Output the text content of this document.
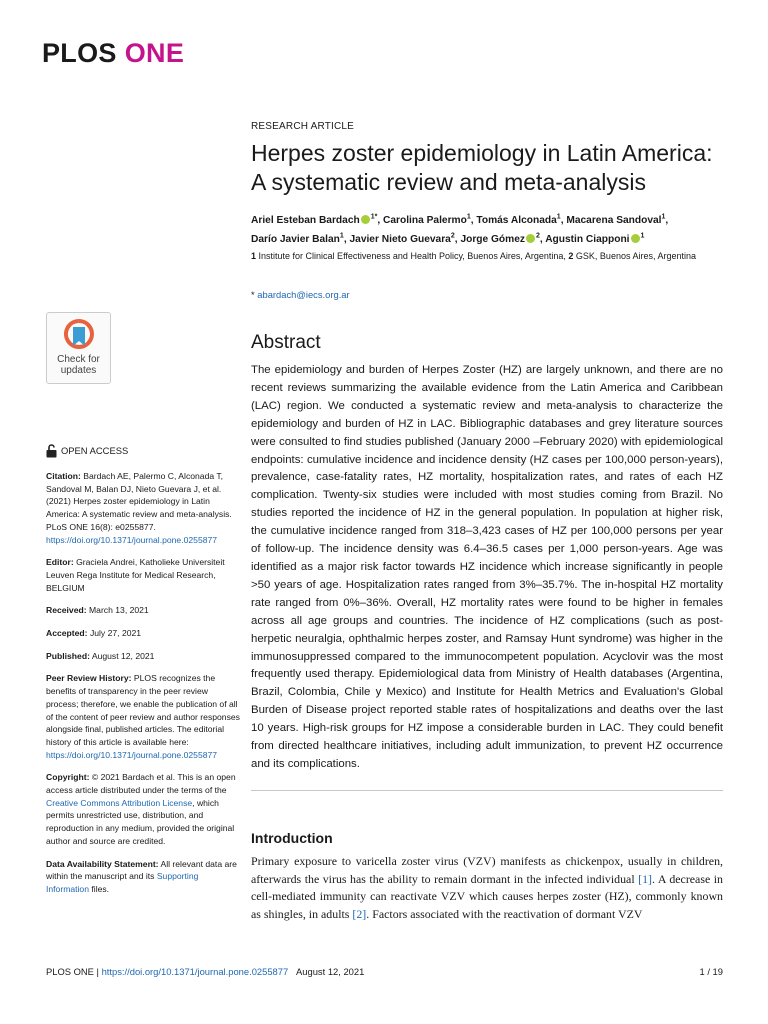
PLOS ONE
RESEARCH ARTICLE
Herpes zoster epidemiology in Latin America:
A systematic review and meta-analysis
Ariel Esteban Bardach $^{1*}$, Carolina Palermo$^1$, Tomás Alconada$^1$, Macarena Sandoval$^1$,
Darío Javier Balan$^1$, Javier Nieto Guevara$^2$, Jorge Gómez $^2$, Agustin Ciapponi $^1$
1 Institute for Clinical Effectiveness and Health Policy, Buenos Aires, Argentina, 2 GSK, Buenos Aires, Argentina
* abardach@iecs.org.ar
Check for
updates
OPEN ACCESS

Citation: Bardach AE, Palermo C, Alconada T, Sandoval M, Balan DJ, Nieto Guevara J, et al. (2021) Herpes zoster epidemiology in Latin America: A systematic review and meta-analysis. PLoS ONE 16(8): e0255877. https://doi.org/10.1371/journal.pone.0255877

Editor: Graciela Andrei, Katholieke Universiteit Leuven Rega Institute for Medical Research, BELGIUM

Received: March 13, 2021

Accepted: July 27, 2021

Published: August 12, 2021

Peer Review History: PLOS recognizes the benefits of transparency in the peer review process; therefore, we enable the publication of all of the content of peer review and author responses alongside final, published articles. The editorial history of this article is available here: https://doi.org/10.1371/journal.pone.0255877

Copyright: © 2021 Bardach et al. This is an open access article distributed under the terms of the Creative Commons Attribution License, which permits unrestricted use, distribution, and reproduction in any medium, provided the original author and source are credited.

Data Availability Statement: All relevant data are within the manuscript and its Supporting Information files.

Abstract

The epidemiology and burden of Herpes Zoster (HZ) are largely unknown, and there are no recent reviews summarizing the available evidence from the Latin America and Caribbean (LAC) region. We conducted a systematic review and meta-analysis to characterize the epidemiology and burden of HZ in LAC. Bibliographic databases and grey literature sources were consulted to find studies published (January 2000 –February 2020) with epidemiological endpoints: cumulative incidence and incidence density (HZ cases per 100,000 person-years), prevalence, case-fatality rates, HZ mortality, hospitalization rates, and rates of each HZ complication. Twenty-six studies were included with most studies coming from Brazil. No studies reported the incidence of HZ in the general population. In population at higher risk, the cumulative incidence ranged from 318–3,423 cases of HZ per 100,000 persons per year of follow-up. The incidence density was 6.4–36.5 cases per 1,000 person-years. Age was identified as a major risk factor towards HZ incidence which increase significantly in people >50 years of age. Hospitalization rates ranged from 3%–35.7%. The in-hospital HZ mortality rate ranged from 0%–36%. Overall, HZ mortality rates were found to be higher in females across all age groups and countries. The incidence of HZ complications (such as post-herpetic neuralgia, ophthalmic herpes zoster, and Ramsay Hunt syndrome) was higher in the immunosuppressed compared to the immunocompetent population. Acyclovir was the most frequently used therapy. Epidemiological data from Ministry of Health databases (Argentina, Brazil, Colombia, Chile y Mexico) and Institute for Health Metrics and Evaluation's Global Burden of Disease project reported stable rates of hospitalizations and deaths over the last 10 years. High-risk groups for HZ impose a considerable burden in LAC. They could benefit from directed healthcare initiatives, including adult immunization, to prevent HZ occurrence and its complications.

Introduction

Primary exposure to varicella zoster virus (VZV) manifests as chickenpox, usually in children, afterwards the virus has the ability to remain dormant in the infected individual [1]. A decrease in cell-mediated immunity can reactivate VZV which causes herpes zoster (HZ), commonly known as shingles, in adults [2]. Factors associated with the reactivation of dormant VZV

PLOS ONE | https://doi.org/10.1371/journal.pone.0255877 August 12, 2021	1 / 19
